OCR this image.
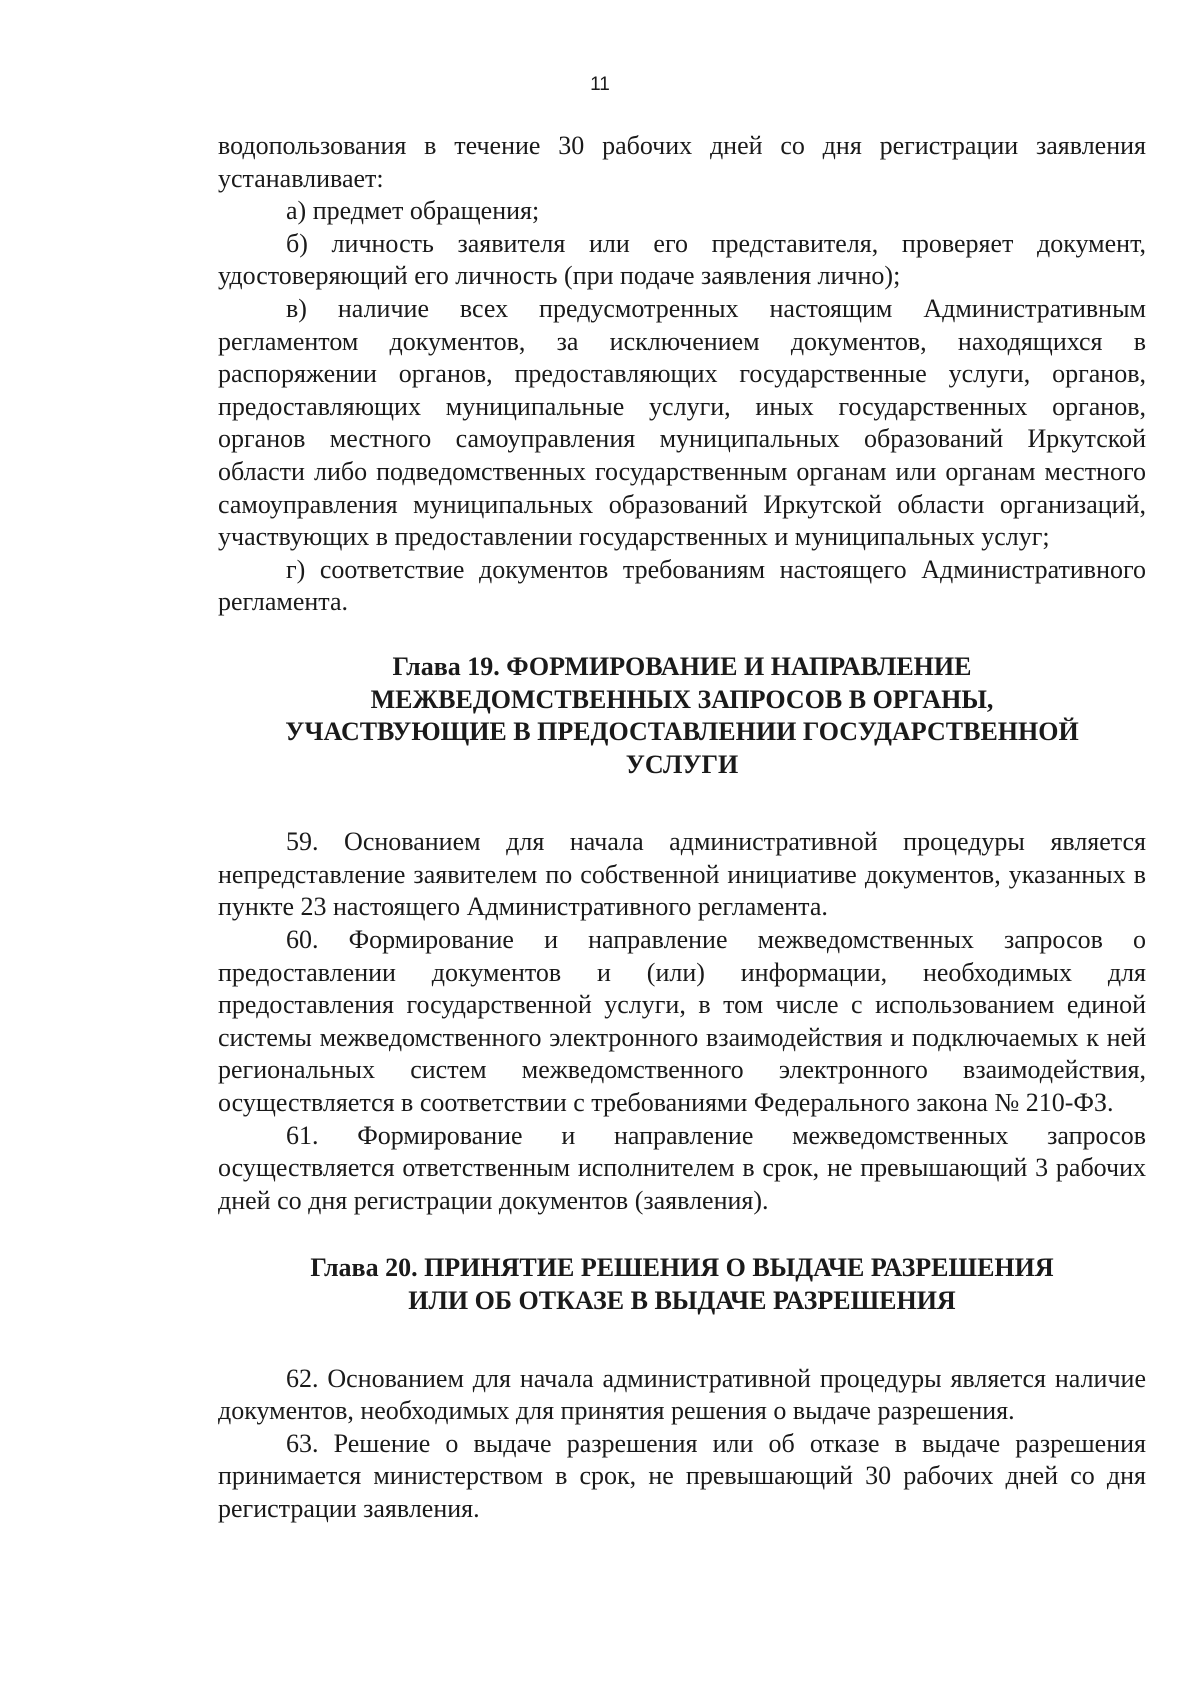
11

водопользования в течение 30 рабочих дней со дня регистрации заявления устанавливает:

а) предмет обращения;

б) личность заявителя или его представителя, проверяет документ, удостоверяющий его личность (при подаче заявления лично);

в) наличие всех предусмотренных настоящим Административным регламентом документов, за исключением документов, находящихся в распоряжении органов, предоставляющих государственные услуги, органов, предоставляющих муниципальные услуги, иных государственных органов, органов местного самоуправления муниципальных образований Иркутской области либо подведомственных государственным органам или органам местного самоуправления муниципальных образований Иркутской области организаций, участвующих в предоставлении государственных и муниципальных услуг;

г) соответствие документов требованиям настоящего Административного регламента.

Глава 19. ФОРМИРОВАНИЕ И НАПРАВЛЕНИЕ
МЕЖВЕДОМСТВЕННЫХ ЗАПРОСОВ В ОРГАНЫ,
УЧАСТВУЮЩИЕ В ПРЕДОСТАВЛЕНИИ ГОСУДАРСТВЕННОЙ
УСЛУГИ

59. Основанием для начала административной процедуры является непредставление заявителем по собственной инициативе документов, указанных в пункте 23 настоящего Административного регламента.

60. Формирование и направление межведомственных запросов о предоставлении документов и (или) информации, необходимых для предоставления государственной услуги, в том числе с использованием единой системы межведомственного электронного взаимодействия и подключаемых к ней региональных систем межведомственного электронного взаимодействия, осуществляется в соответствии с требованиями Федерального закона № 210-ФЗ.

61. Формирование и направление межведомственных запросов осуществляется ответственным исполнителем в срок, не превышающий 3 рабочих дней со дня регистрации документов (заявления).

Глава 20. ПРИНЯТИЕ РЕШЕНИЯ О ВЫДАЧЕ РАЗРЕШЕНИЯ
ИЛИ ОБ ОТКАЗЕ В ВЫДАЧЕ РАЗРЕШЕНИЯ

62. Основанием для начала административной процедуры является наличие документов, необходимых для принятия решения о выдаче разрешения.

63. Решение о выдаче разрешения или об отказе в выдаче разрешения принимается министерством в срок, не превышающий 30 рабочих дней со дня регистрации заявления.
